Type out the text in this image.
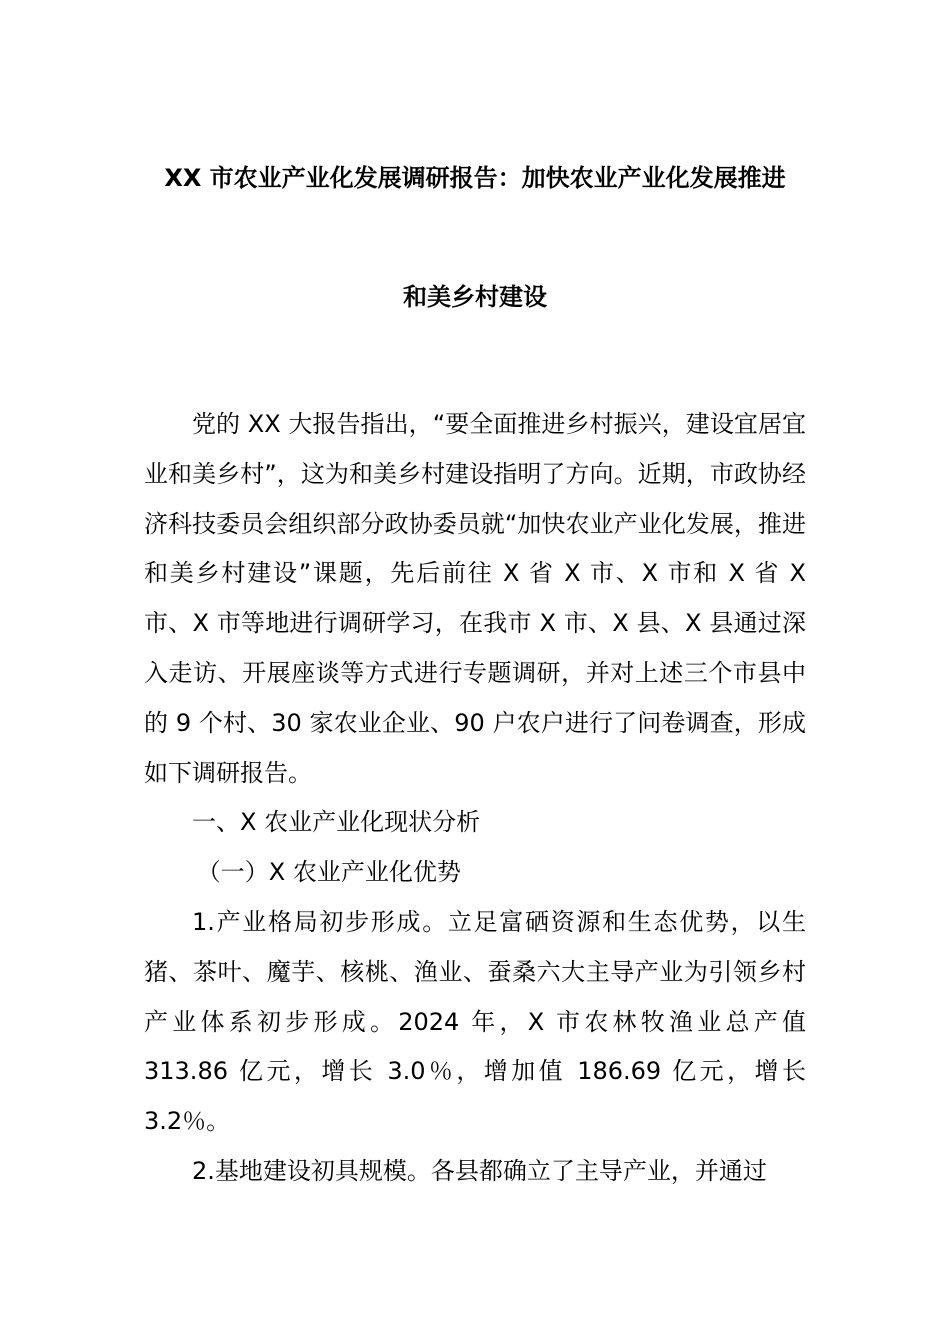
XX 市农业产业化发展调研报告：加快农业产业化发展推进
和美乡村建设

党的 XX 大报告指出，“要全面推进乡村振兴，建设宜居宜业和美乡村”，这为和美乡村建设指明了方向。近期，市政协经济科技委员会组织部分政协委员就“加快农业产业化发展，推进和美乡村建设”课题，先后前往 X 省 X 市、X 市和 X 省 X 市、X 市等地进行调研学习，在我市 X 市、X 县、X 县通过深入走访、开展座谈等方式进行专题调研，并对上述三个市县中的 9 个村、30 家农业企业、90 户农户进行了问卷调查，形成如下调研报告。

一、X 农业产业化现状分析

（一）X 农业产业化优势

1.产业格局初步形成。立足富硒资源和生态优势，以生猪、茶叶、魔芋、核桃、渔业、蚕桑六大主导产业为引领乡村产业体系初步形成。2024 年，X 市农林牧渔业总产值 313.86 亿元，增长 3.0％，增加值 186.69 亿元，增长 3.2％。

2.基地建设初具规模。各县都确立了主导产业，并通过
